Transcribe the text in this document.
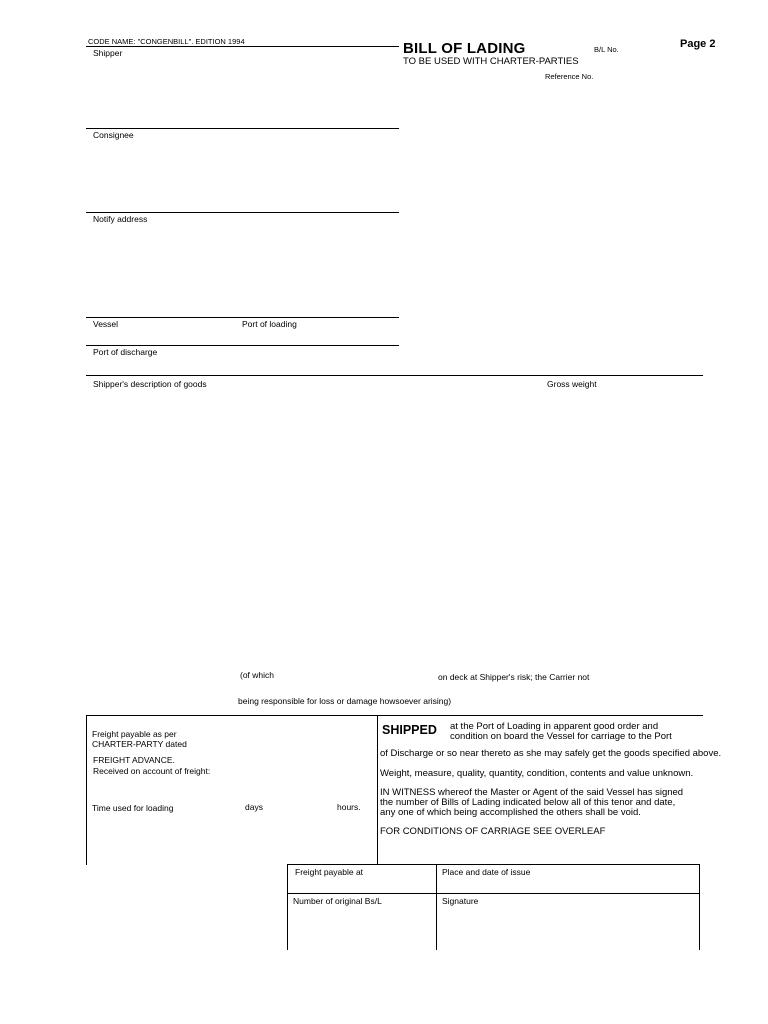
CODE NAME: "CONGENBILL". EDITION 1994	BILL OF LADING
TO BE USED WITH CHARTER-PARTIES
B/L No.	Page 2
Reference No.
Shipper
Consignee
Notify address
Vessel	Port of loading
Port of discharge
Shipper's description of goods	Gross weight
(of which	on deck at Shipper's risk; the Carrier not
being responsible for loss or damage howsoever arising)
Freight payable as per
CHARTER-PARTY dated
FREIGHT ADVANCE.
Received on account of freight:
Time used for loading	days	hours.
SHIPPED at the Port of Loading in apparent good order and
condition on board the Vessel for carriage to the Port
of Discharge or so near thereto as she may safely get the goods specified above.
Weight, measure, quality, quantity, condition, contents and value unknown.
IN WITNESS whereof the Master or Agent of the said Vessel has signed
the number of Bills of Lading indicated below all of this tenor and date,
any one of which being accomplished the others shall be void.
FOR CONDITIONS OF CARRIAGE SEE OVERLEAF
Freight payable at	Place and date of issue
Number of original Bs/L	Signature
